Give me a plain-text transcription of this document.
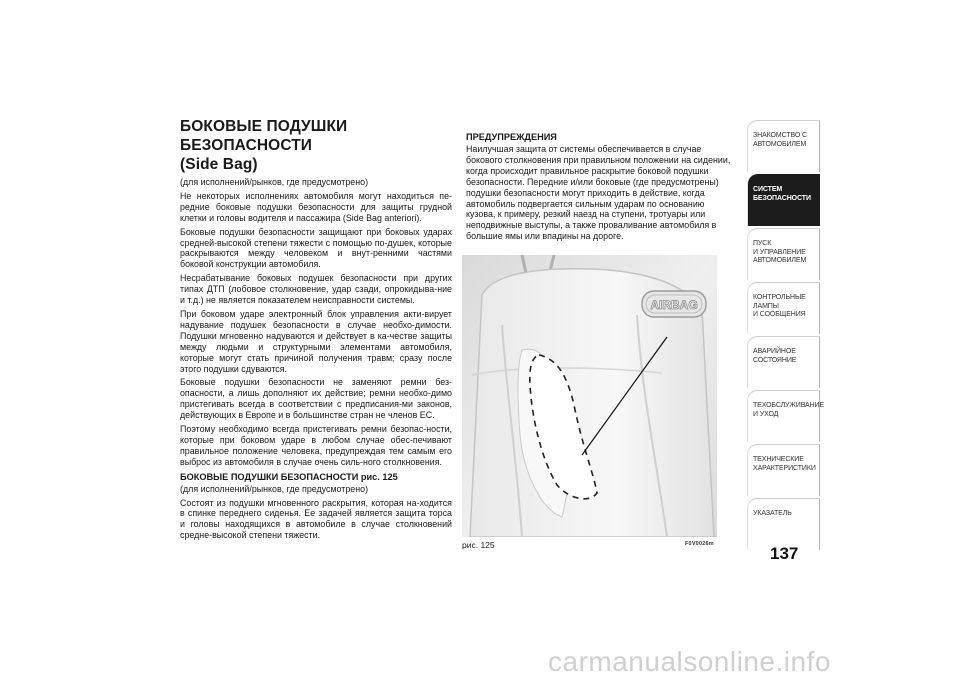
БОКОВЫЕ ПОДУШКИ БЕЗОПАСНОСТИ
(Side Bag)

(для исполнений/рынков, где предусмотрено)

Не некоторых исполнениях автомобиля могут находиться пе-редние боковые подушки безопасности для защиты грудной клетки и головы водителя и пассажира (Side Bag anteriori).

Боковые подушки безопасности защищают при боковых ударах средней-высокой степени тяжести с помощью по-душек, которые раскрываются между человеком и внут-ренними частями боковой конструкции автомобиля.

Несрабатывание боковых подушек безопасности при других типах ДТП (лобовое столкновение, удар сзади, опрокидыва-ние и т.д.) не является показателем неисправности системы.

При боковом ударе электронный блок управления акти-вирует надувание подушек безопасности в случае необхо-димости. Подушки мгновенно надуваются и действует в ка-честве защиты между людьми и структурными элементами автомобиля, которые могут стать причиной получения травм; сразу после этого подушки сдуваются.

Боковые подушки безопасности не заменяют ремни без-опасности, а лишь дополняют их действие; ремни необхо-димо пристегивать всегда в соответствии с предписания-ми законов, действующих в Европе и в большинстве стран не членов ЕС.

Поэтому необходимо всегда пристегивать ремни безопас-ности, которые при боковом ударе в любом случае обес-печивают правильное положение человека, предупреждая тем самым его выброс из автомобиля в случае очень силь-ного столкновения.

БОКОВЫЕ ПОДУШКИ БЕЗОПАСНОСТИ рис. 125

(для исполнений/рынков, где предусмотрено)

Состоят из подушки мгновенного раскрытия, которая на-ходится в спинке переднего сиденья. Ее задачей является защита торса и головы находящихся в автомобиле в случае столкновений средне-высокой степени тяжести.

ПРЕДУПРЕЖДЕНИЯ

Наилучшая защита от системы обеспечивается в случае бокового столкновения при правильном положении на сидении, когда происходит правильное раскрытие боковой подушки безопасности. Передние и/или боковые (где предусмотрены) подушки безопасности могут приходить в действие, когда автомобиль подвергается сильным ударам по основанию кузова, к примеру, резкий наезд на ступени, тротуары или неподвижные выступы, а также проваливание автомобиля в большие ямы или впадины на дороге.

AIRBAG
рис. 125	F0V0026m
ЗНАКОМСТВО С
АВТОМОБИЛЕМ
СИСТЕМ
БЕЗОПАСНОСТИ
ПУСК
И УПРАВЛЕНИЕ
АВТОМОБИЛЕМ
КОНТРОЛЬНЫЕ
ЛАМПЫ
И СООБЩЕНИЯ
АВАРИЙНОЕ
СОСТОЯНИЕ
ТЕХОБСЛУЖИВАНИЕ
И УХОД
ТЕХНИЧЕСКИЕ
ХАРАКТЕРИСТИКИ
УКАЗАТЕЛЬ
137
carmanualsonline.info
